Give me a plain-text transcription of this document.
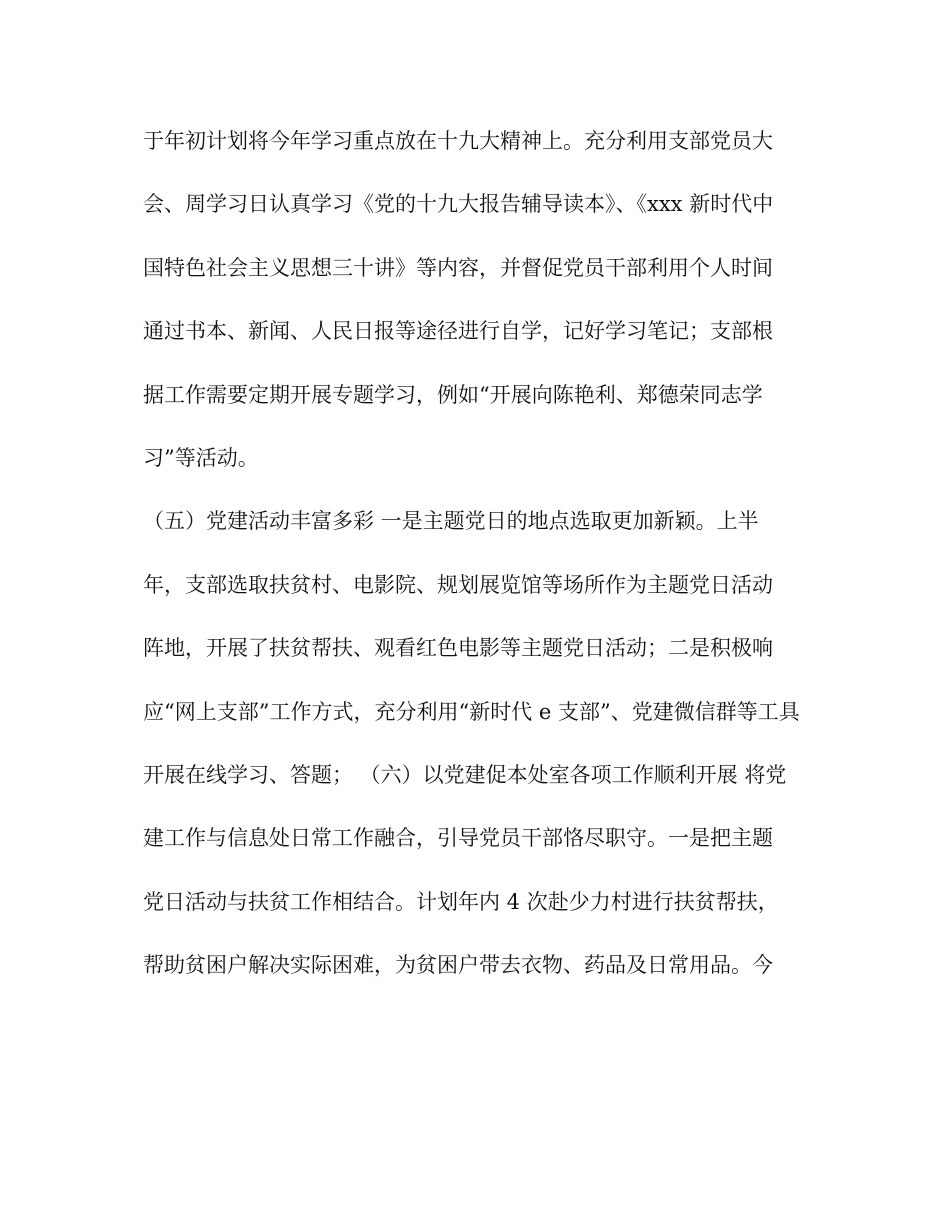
于年初计划将今年学习重点放在十九大精神上。充分利用支部党员大
会、周学习日认真学习《党的十九大报告辅导读本》、《xxx 新时代中
国特色社会主义思想三十讲》等内容，并督促党员干部利用个人时间
通过书本、新闻、人民日报等途径进行自学，记好学习笔记；支部根
据工作需要定期开展专题学习，例如“开展向陈艳利、郑德荣同志学
习”等活动。
（五）党建活动丰富多彩 一是主题党日的地点选取更加新颖。上半
年，支部选取扶贫村、电影院、规划展览馆等场所作为主题党日活动
阵地，开展了扶贫帮扶、观看红色电影等主题党日活动；二是积极响
应“网上支部”工作方式，充分利用“新时代 e 支部”、党建微信群等工具
开展在线学习、答题； （六）以党建促本处室各项工作顺利开展 将党
建工作与信息处日常工作融合，引导党员干部恪尽职守。一是把主题
党日活动与扶贫工作相结合。计划年内 4 次赴少力村进行扶贫帮扶，
帮助贫困户解决实际困难，为贫困户带去衣物、药品及日常用品。今
